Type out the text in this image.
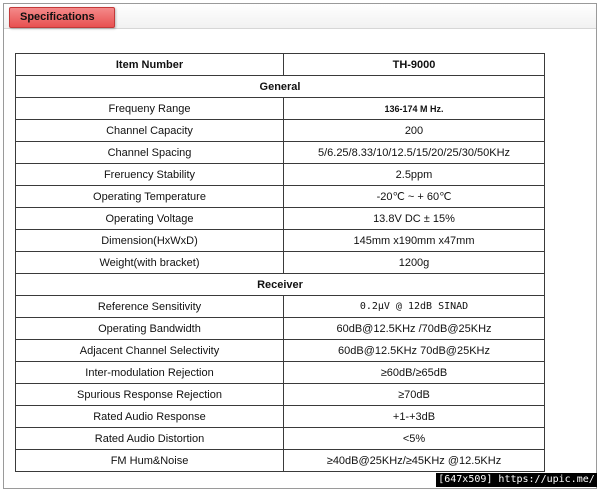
Specifications
Item Number	TH-9000
General	
Frequeny Range	136-174 M Hz.
Channel Capacity	200
Channel Spacing	5/6.25/8.33/10/12.5/15/20/25/30/50KHz
Freruency Stability	2.5ppm
Operating Temperature	-20℃ ~ + 60℃
Operating Voltage	13.8V DC ± 15%
Dimension(HxWxD)	145mm x190mm x47mm
Weight(with bracket)	1200g
Receiver	
Reference Sensitivity	0.2μV @ 12dB SINAD
Operating Bandwidth	60dB@12.5KHz /70dB@25KHz
Adjacent Channel Selectivity	60dB@12.5KHz 70dB@25KHz
Inter-modulation Rejection	≥60dB/≥65dB
Spurious Response Rejection	≥70dB
Rated Audio Response	+1-+3dB
Rated Audio Distortion	<5%
FM Hum&Noise	≥40dB@25KHz/≥45KHz @12.5KHz
[647x509] https://upic.me/
